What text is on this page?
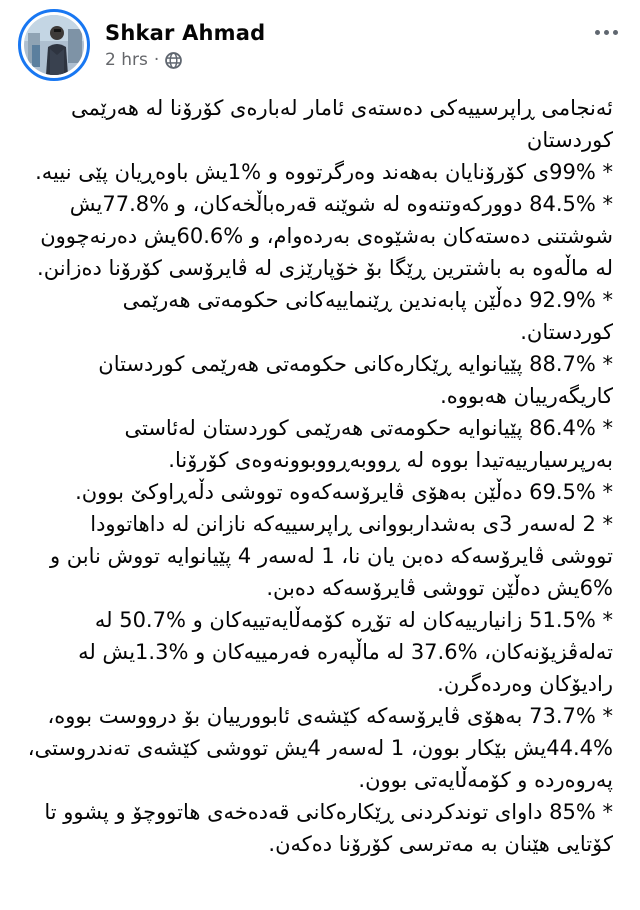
Shkar Ahmad
2 hrs ·

ئەنجامی ڕاپرسییەکی دەستەی ئامار لەبارەی کۆرۆنا لە هەرێمی کوردستان

* 99%ی کۆرۆنایان بەهەند وەرگرتووە و %1یش باوەڕیان پێی نییە.

* 84.5% دوورکەوتنەوە لە شوێنە قەرەباڵخەکان، و %77.8یش شوشتنی دەستەکان بەشێوەی بەردەوام، و %60.6یش دەرنەچوون لە ماڵەوە بە باشترین ڕێگا بۆ خۆپارێزی لە ڤایرۆسی کۆرۆنا دەزانن.

* 92.9% دەڵێن پابەندین ڕێنماییەکانی حکومەتی هەرێمی کوردستان.

* 88.7% پێیانوایە ڕێکارەکانی حکومەتی هەرێمی کوردستان کاریگەرییان هەبووە.

* 86.4% پێیانوایە حکومەتی هەرێمی کوردستان لەئاستی بەرپرسیارییەتیدا بووە لە ڕووبەڕووبوونەوەی کۆرۆنا.

* 69.5% دەڵێن بەهۆی ڤایرۆسەکەوە تووشی دڵەڕاوکێ بوون.

* 2 لەسەر 3ی بەشداربووانی ڕاپرسییەکە نازانن لە داهاتوودا تووشی ڤایرۆسەکە دەبن یان نا، 1 لەسەر 4 پێیانوایە تووش نابن و %6یش دەڵێن تووشی ڤایرۆسەکە دەبن.

* 51.5% زانیارییەکان لە تۆڕە کۆمەڵایەتییەکان و %50.7 لە تەلەڤزیۆنەکان، %37.6 لە ماڵپەرە فەرمییەکان و %1.3یش لە رادیۆکان وەردەگرن.

* 73.7% بەهۆی ڤایرۆسەکە کێشەی ئابوورییان بۆ درووست بووە، %44.4یش بێکار بوون، 1 لەسەر 4یش تووشی کێشەی تەندروستی، پەروەردە و کۆمەڵایەتی بوون.

* 85% داوای توندکردنی ڕێکارەکانی قەدەخەی هاتووچۆ و پشوو تا کۆتایی هێنان بە مەترسی کۆرۆنا دەکەن.
